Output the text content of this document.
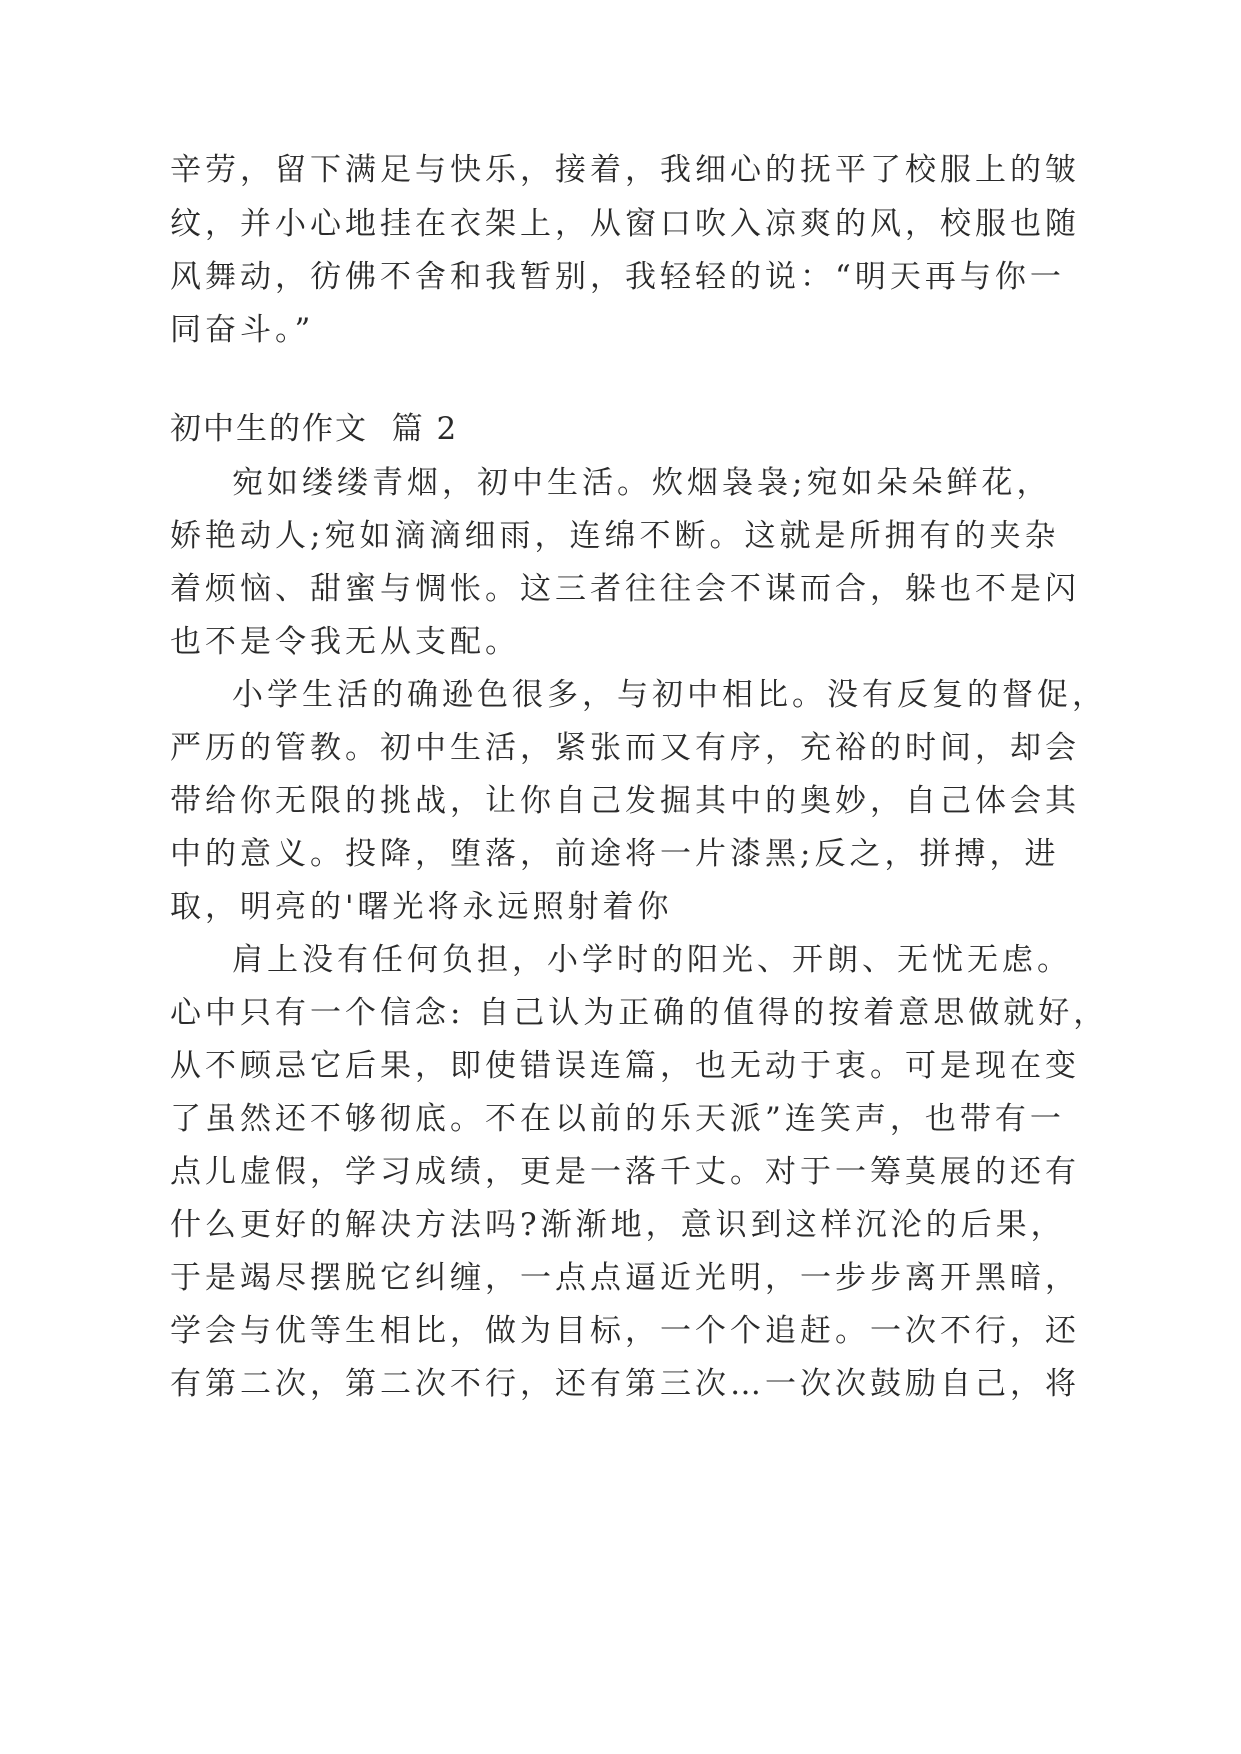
辛劳，留下满足与快乐，接着，我细心的抚平了校服上的皱
纹，并小心地挂在衣架上，从窗口吹入凉爽的风，校服也随
风舞动，彷佛不舍和我暂别，我轻轻的说：“明天再与你一
同奋斗。”
初中生的作文  篇 2
宛如缕缕青烟，初中生活。炊烟袅袅;宛如朵朵鲜花，
娇艳动人;宛如滴滴细雨，连绵不断。这就是所拥有的夹杂
着烦恼、甜蜜与惆怅。这三者往往会不谋而合，躲也不是闪
也不是令我无从支配。
小学生活的确逊色很多，与初中相比。没有反复的督促，
严历的管教。初中生活，紧张而又有序，充裕的时间，却会
带给你无限的挑战，让你自己发掘其中的奥妙，自己体会其
中的意义。投降，堕落，前途将一片漆黑;反之，拼搏，进
取，明亮的'曙光将永远照射着你
肩上没有任何负担，小学时的阳光、开朗、无忧无虑。
心中只有一个信念: 自己认为正确的值得的按着意思做就好，
从不顾忌它后果，即使错误连篇，也无动于衷。可是现在变
了虽然还不够彻底。不在以前的乐天派”连笑声，也带有一
点儿虚假，学习成绩，更是一落千丈。对于一筹莫展的还有
什么更好的解决方法吗?渐渐地，意识到这样沉沦的后果，
于是竭尽摆脱它纠缠，一点点逼近光明，一步步离开黑暗，
学会与优等生相比，做为目标，一个个追赶。一次不行，还
有第二次，第二次不行，还有第三次…一次次鼓励自己，将
